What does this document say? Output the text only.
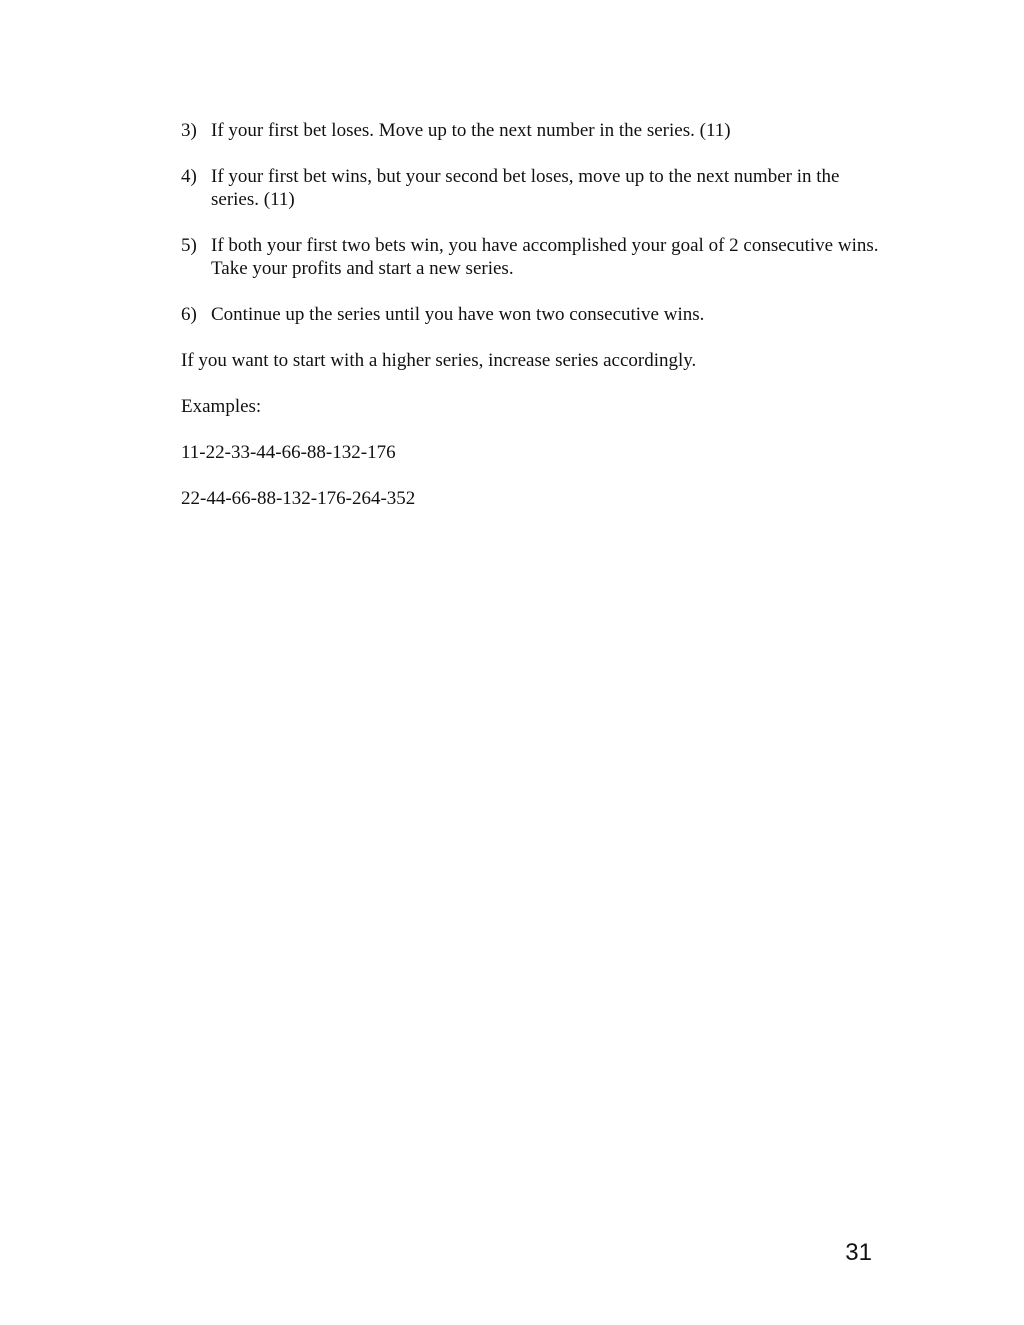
3) If your first bet loses. Move up to the next number in the series. (11)
4) If your first bet wins, but your second bet loses, move up to the next number in the series. (11)
5) If both your first two bets win, you have accomplished your goal of 2 consecutive wins. Take your profits and start a new series.
6) Continue up the series until you have won two consecutive wins.

If you want to start with a higher series, increase series accordingly.

Examples:

11-22-33-44-66-88-132-176

22-44-66-88-132-176-264-352

31
